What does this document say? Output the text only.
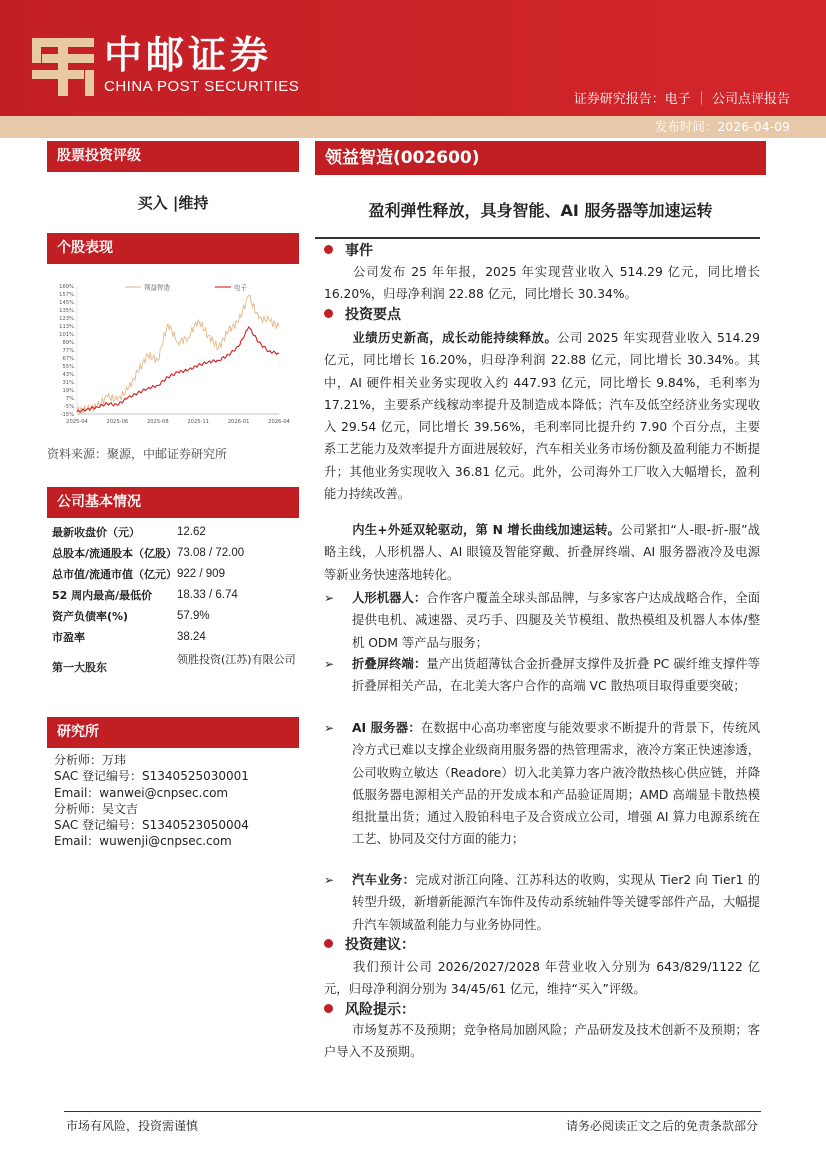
中邮证券
CHINA POST SECURITIES
证券研究报告：电子 ｜ 公司点评报告
发布时间：2026-04-09
股票投资评级
买入 |维持
个股表现
169%
157%
145%
135%
123%
113%
101%
89%
77%
67%
55%
43%
31%
19%
7%
-5%
-15%
2025-04	2025-06	2025-08	2025-11	2026-01	2026-04
领益智造	电子
资料来源：聚源，中邮证券研究所
公司基本情况
最新收盘价（元）	12.62
总股本/流通股本（亿股）	73.08 / 72.00
总市值/流通市值（亿元）	922 / 909
52 周内最高/最低价	18.33 / 6.74
资产负债率(%)	57.9%
市盈率	38.24
第一大股东	领胜投资(江苏)有限公司
研究所
分析师：万玮
SAC 登记编号：S1340525030001
Email：wanwei@cnpsec.com
分析师：吴文吉
SAC 登记编号：S1340523050004
Email：wuwenji@cnpsec.com
领益智造(002600)
盈利弹性释放，具身智能、AI 服务器等加速运转
事件
公司发布 25 年年报，2025 年实现营业收入 514.29 亿元，同比增长 16.20%，归母净利润 22.88 亿元，同比增长 30.34%。
投资要点
业绩历史新高，成长动能持续释放。公司 2025 年实现营业收入 514.29 亿元，同比增长 16.20%，归母净利润 22.88 亿元，同比增长 30.34%。其中，AI 硬件相关业务实现收入约 447.93 亿元，同比增长 9.84%，毛利率为 17.21%，主要系产线稼动率提升及制造成本降低；汽车及低空经济业务实现收入 29.54 亿元，同比增长 39.56%，毛利率同比提升约 7.90 个百分点，主要系工艺能力及效率提升方面进展较好，汽车相关业务市场份额及盈利能力不断提升；其他业务实现收入 36.81 亿元。此外，公司海外工厂收入大幅增长，盈利能力持续改善。
内生+外延双轮驱动，第 N 增长曲线加速运转。公司紧扣“人-眼-折-服”战略主线，人形机器人、AI 眼镜及智能穿戴、折叠屏终端、AI 服务器液冷及电源等新业务快速落地转化。
➢	人形机器人：合作客户覆盖全球头部品牌，与多家客户达成战略合作，全面提供电机、减速器、灵巧手、四腿及关节模组、散热模组及机器人本体/整机 ODM 等产品与服务；
➢	折叠屏终端：量产出货超薄钛合金折叠屏支撑件及折叠 PC 碳纤维支撑件等折叠屏相关产品，在北美大客户合作的高端 VC 散热项目取得重要突破；
➢	AI 服务器：在数据中心高功率密度与能效要求不断提升的背景下，传统风冷方式已难以支撑企业级商用服务器的热管理需求，液冷方案正快速渗透，公司收购立敏达（Readore）切入北美算力客户液冷散热核心供应链，并降低服务器电源相关产品的开发成本和产品验证周期；AMD 高端显卡散热模组批量出货；通过入股铂科电子及合资成立公司，增强 AI 算力电源系统在工艺、协同及交付方面的能力；
➢	汽车业务：完成对浙江向隆、江苏科达的收购，实现从 Tier2 向 Tier1 的转型升级，新增新能源汽车饰件及传动系统轴件等关键零部件产品，大幅提升汽车领域盈利能力与业务协同性。
投资建议：
我们预计公司 2026/2027/2028 年营业收入分别为 643/829/1122 亿元，归母净利润分别为 34/45/61 亿元，维持“买入”评级。
风险提示：
市场复苏不及预期；竞争格局加剧风险；产品研发及技术创新不及预期；客户导入不及预期。
市场有风险，投资需谨慎	请务必阅读正文之后的免责条款部分
